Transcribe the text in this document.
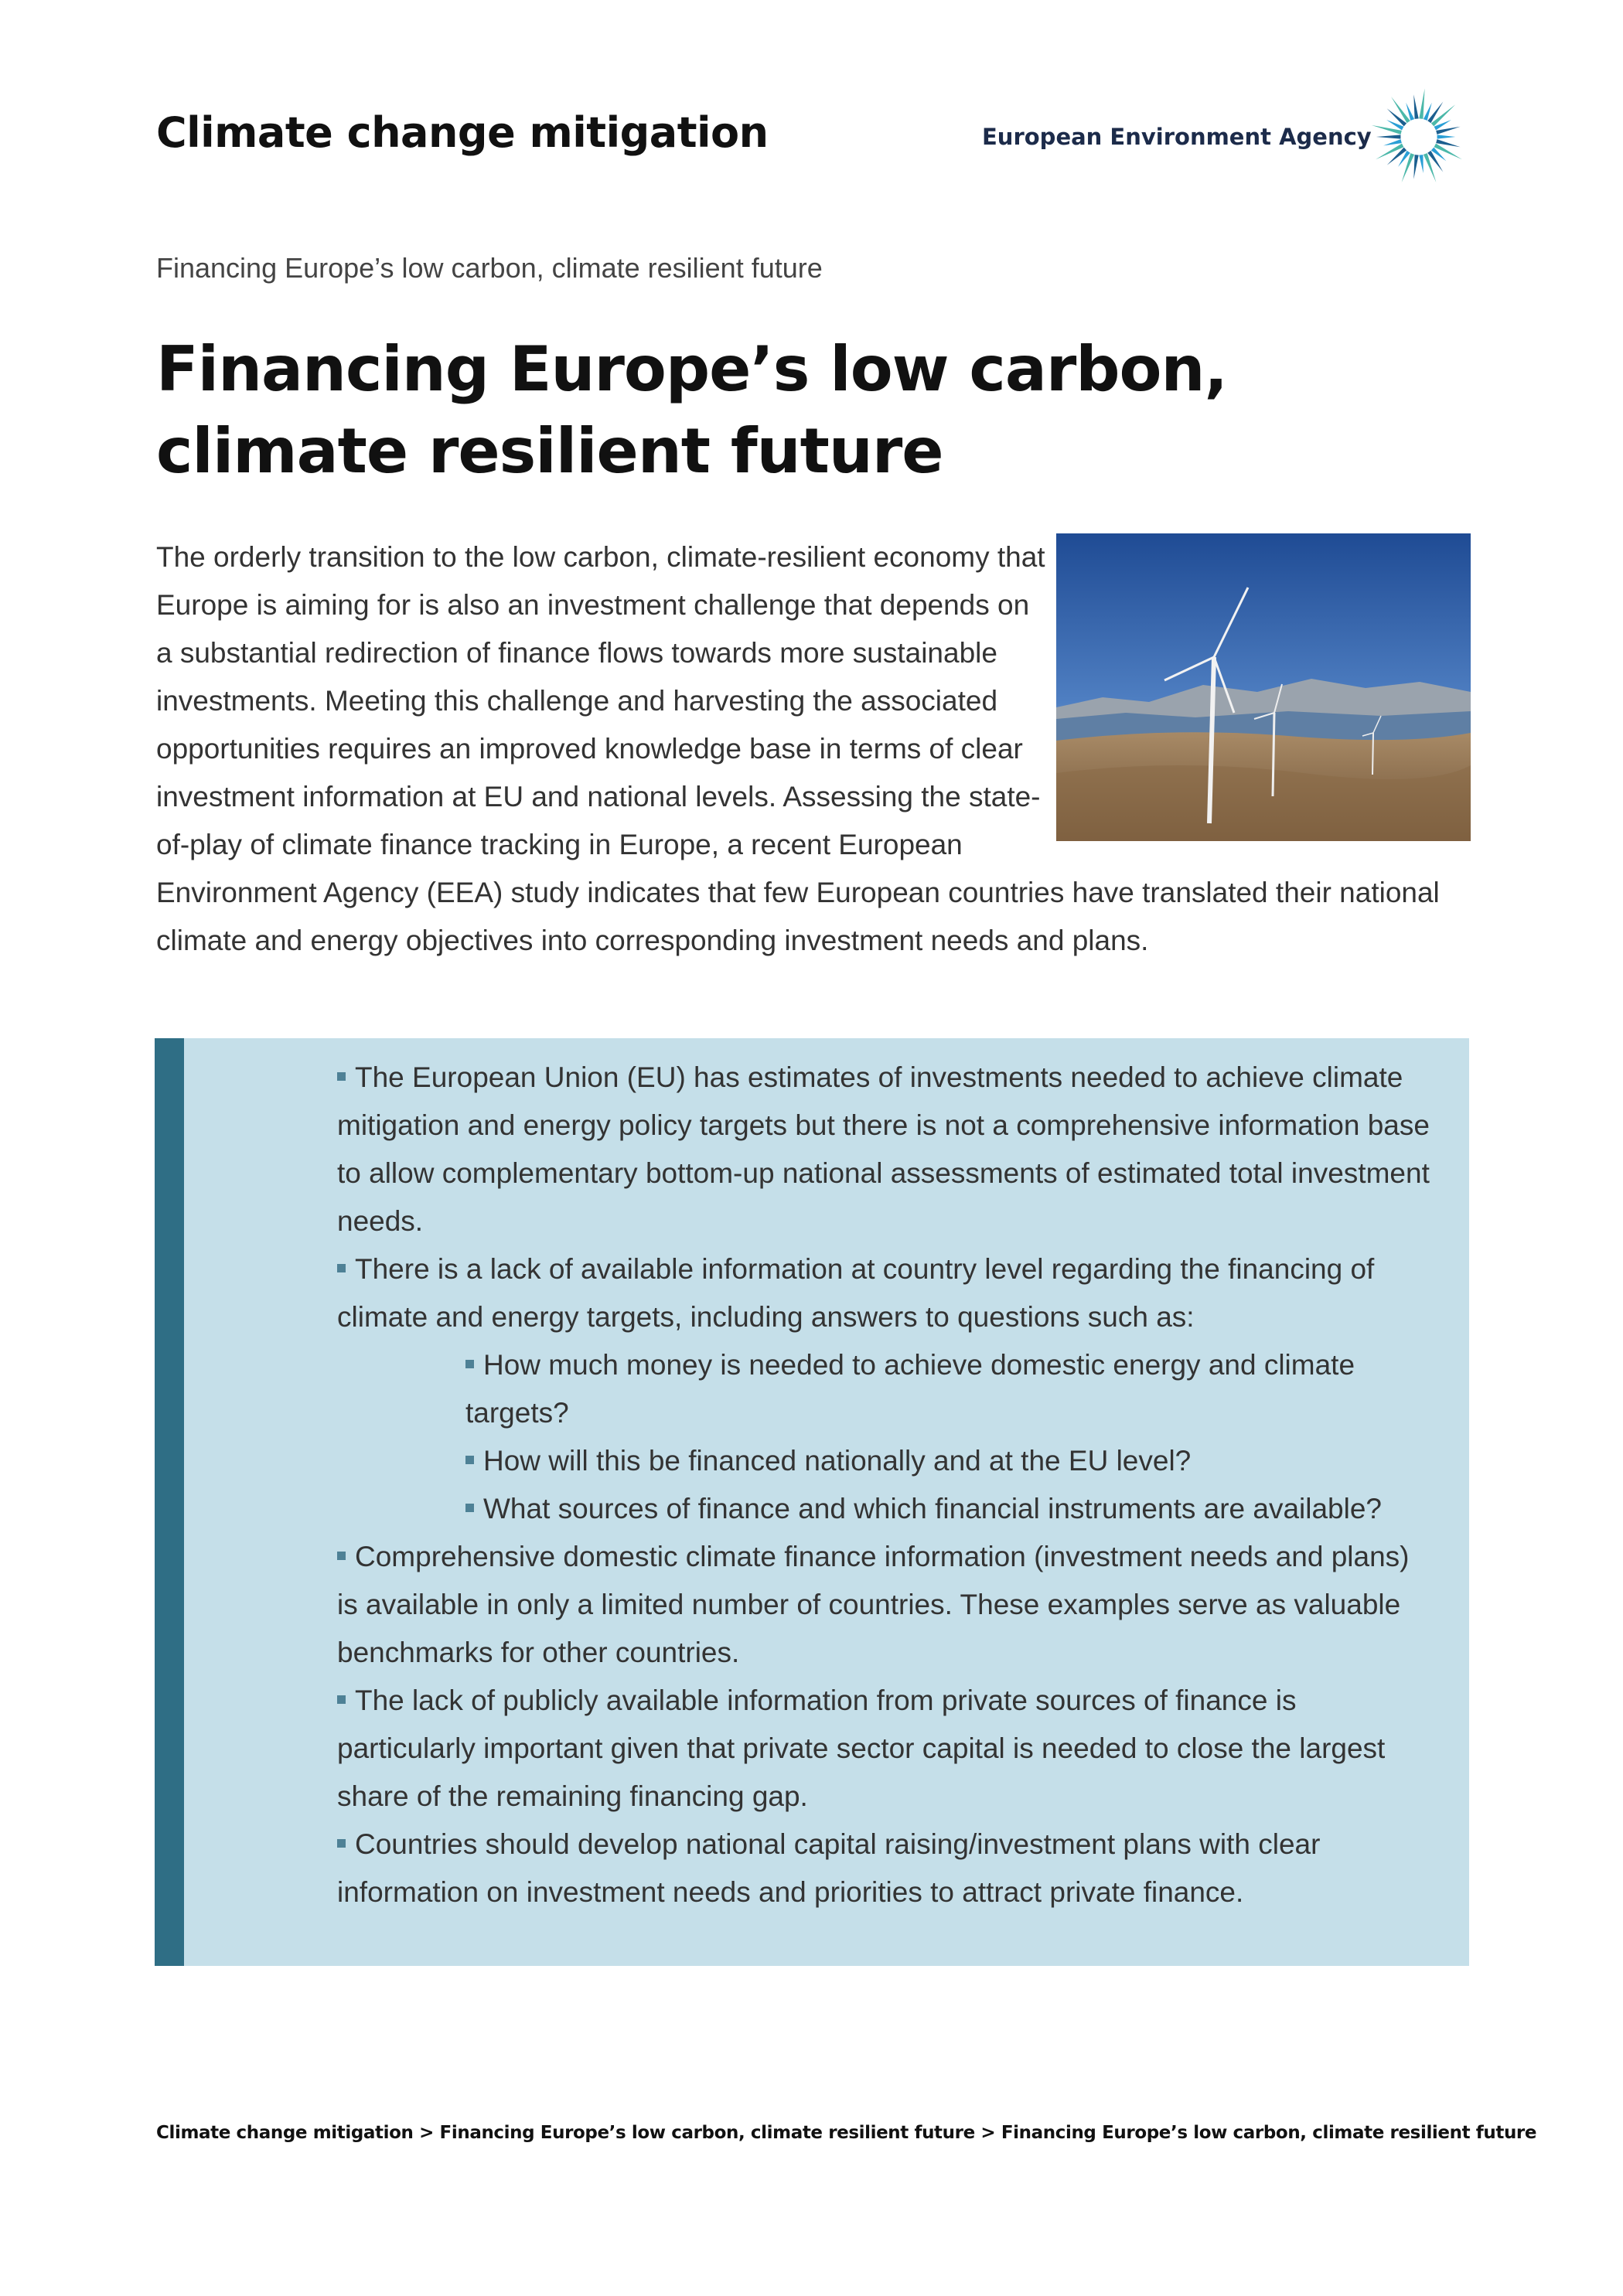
Climate change mitigation	European Environment Agency
Financing Europe’s low carbon, climate resilient future
Financing Europe’s low carbon, climate resilient future

The orderly transition to the low carbon, climate-resilient economy that Europe is aiming for is also an investment challenge that depends on a substantial redirection of finance flows towards more sustainable investments. Meeting this challenge and harvesting the associated opportunities requires an improved knowledge base in terms of clear investment information at EU and national levels. Assessing the state-of-play of climate finance tracking in Europe, a recent European Environment Agency (EEA) study indicates that few European countries have translated their national climate and energy objectives into corresponding investment needs and plans.

The European Union (EU) has estimates of investments needed to achieve climate mitigation and energy policy targets but there is not a comprehensive information base to allow complementary bottom-up national assessments of estimated total investment needs.
There is a lack of available information at country level regarding the financing of climate and energy targets, including answers to questions such as:
How much money is needed to achieve domestic energy and climate targets?
How will this be financed nationally and at the EU level?
What sources of finance and which financial instruments are available?
Comprehensive domestic climate finance information (investment needs and plans) is available in only a limited number of countries. These examples serve as valuable benchmarks for other countries.
The lack of publicly available information from private sources of finance is particularly important given that private sector capital is needed to close the largest share of the remaining financing gap.
Countries should develop national capital raising/investment plans with clear information on investment needs and priorities to attract private finance.
Climate change mitigation > Financing Europe’s low carbon, climate resilient future > Financing Europe’s low carbon, climate resilient future
